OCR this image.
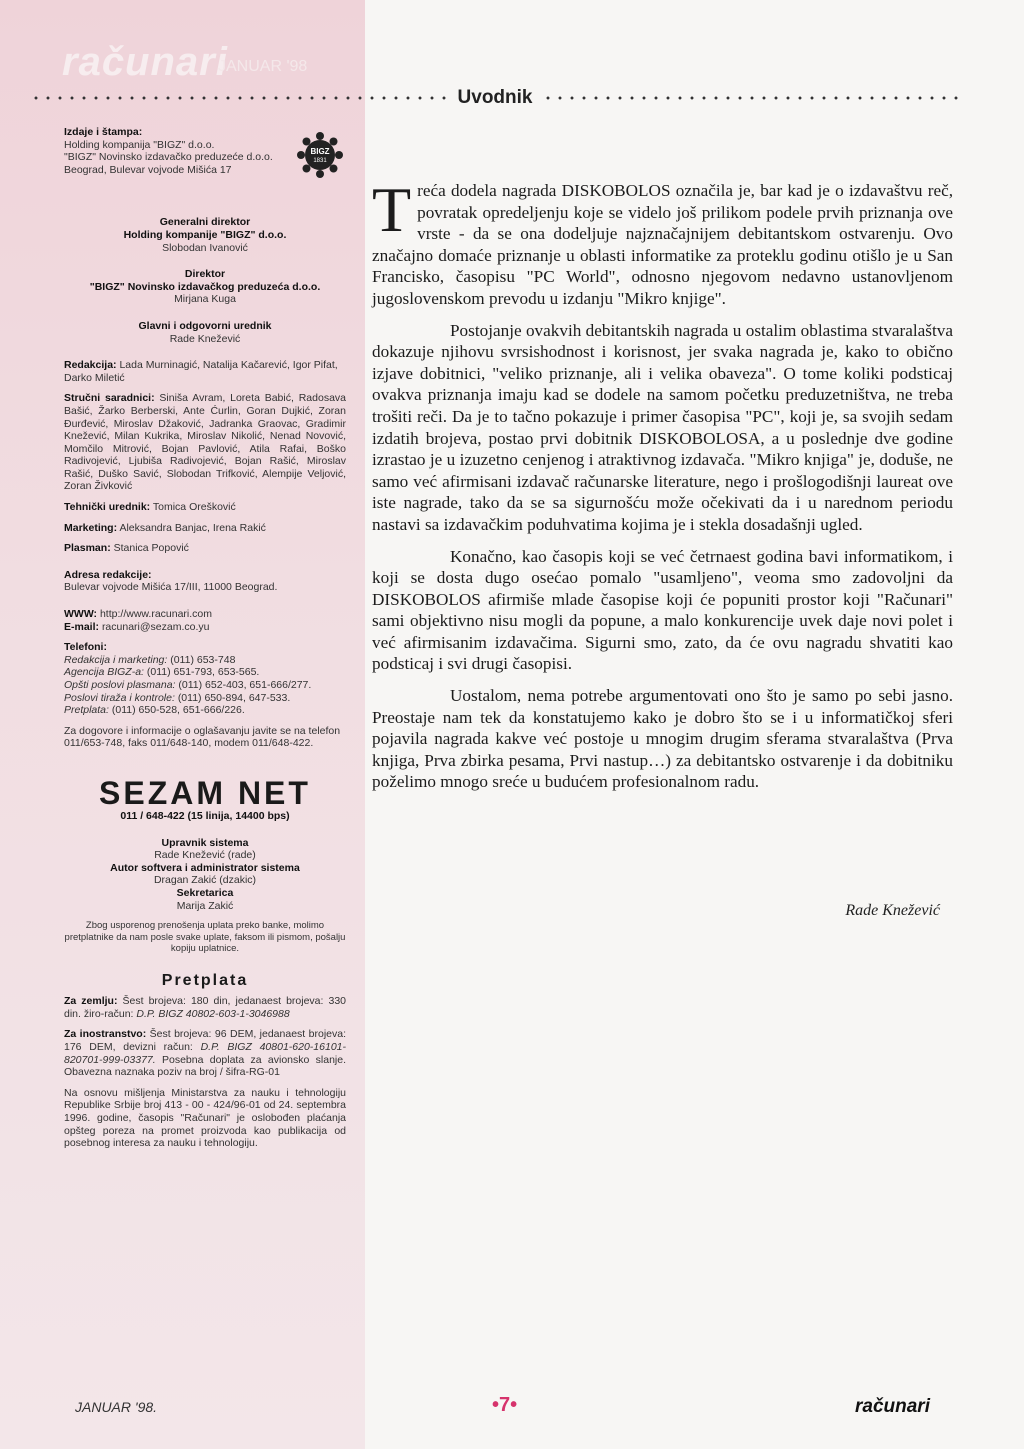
računari
JANUAR '98
Uvodnik
BIGZ
1831

Izdaje i štampa:

Holding kompanija "BIGZ" d.o.o.

"BIGZ" Novinsko izdavačko preduzeće d.o.o.

Beograd, Bulevar vojvode Mišića 17

Generalni direktor

Holding kompanije "BIGZ" d.o.o.

Slobodan Ivanović

Direktor

"BIGZ" Novinsko izdavačkog preduzeća d.o.o.

Mirjana Kuga

Glavni i odgovorni urednik

Rade Knežević

Redakcija: Lada Murninagić, Natalija Kačarević, Igor Pifat, Darko Miletić

Stručni saradnici: Siniša Avram, Loreta Babić, Radosava Bašić, Žarko Berberski, Ante Ćurlin, Goran Dujkić, Zoran Đurđević, Miroslav Džaković, Jadranka Graovac, Gradimir Knežević, Milan Kukrika, Miroslav Nikolić, Nenad Novović, Momčilo Mitrović, Bojan Pavlović, Atila Rafai, Boško Radivojević, Ljubiša Radivojević, Bojan Rašić, Miroslav Rašić, Duško Savić, Slobodan Trifković, Alempije Veljović, Zoran Živković

Tehnički urednik: Tomica Orešković

Marketing: Aleksandra Banjac, Irena Rakić

Plasman: Stanica Popović

Adresa redakcije:

Bulevar vojvode Mišića 17/III, 11000 Beograd.

WWW: http://www.racunari.com

E-mail: racunari@sezam.co.yu

Telefoni:

Redakcija i marketing: (011) 653-748

Agencija BIGZ-a: (011) 651-793, 653-565.

Opšti poslovi plasmana: (011) 652-403, 651-666/277.

Poslovi tiraža i kontrole: (011) 650-894, 647-533.

Pretplata: (011) 650-528, 651-666/226.

Za dogovore i informacije o oglašavanju javite se na telefon 011/653-748, faks 011/648-140, modem 011/648-422.

SEZAM NET

011 / 648-422 (15 linija, 14400 bps)

Upravnik sistema

Rade Knežević (rade)

Autor softvera i administrator sistema

Dragan Zakić (dzakic)

Sekretarica

Marija Zakić

Zbog usporenog prenošenja uplata preko banke, molimo pretplatnike da nam posle svake uplate, faksom ili pismom, pošalju kopiju uplatnice.

Pretplata

Za zemlju: Šest brojeva: 180 din, jedanaest brojeva: 330 din. žiro-račun: D.P. BIGZ 40802-603-1-3046988

Za inostranstvo: Šest brojeva: 96 DEM, jedanaest brojeva: 176 DEM, devizni račun: D.P. BIGZ 40801-620-16101-820701-999-03377. Posebna doplata za avionsko slanje. Obavezna naznaka poziv na broj / šifra-RG-01

Na osnovu mišljenja Ministarstva za nauku i tehnologiju Republike Srbije broj 413 - 00 - 424/96-01 od 24. septembra 1996. godine, časopis "Računari" je oslobođen plaćanja opšteg poreza na promet proizvoda kao publikacija od posebnog interesa za nauku i tehnologiju.

Treća dodela nagrada DISKOBOLOS označila je, bar kad je o izdavaštvu reč, povratak opredeljenju koje se videlo još prilikom podele prvih priznanja ove vrste - da se ona dodeljuje najznačajnijem debitantskom ostvarenju. Ovo značajno domaće priznanje u oblasti informatike za proteklu godinu otišlo je u San Francisko, časopisu "PC World", odnosno njegovom nedavno ustanovljenom jugoslovenskom prevodu u izdanju "Mikro knjige".

Postojanje ovakvih debitantskih nagrada u ostalim oblastima stvaralaštva dokazuje njihovu svrsishodnost i korisnost, jer svaka nagrada je, kako to obično izjave dobitnici, "veliko priznanje, ali i velika obaveza". O tome koliki podsticaj ovakva priznanja imaju kad se dodele na samom početku preduzetništva, ne treba trošiti reči. Da je to tačno pokazuje i primer časopisa "PC", koji je, sa svojih sedam izdatih brojeva, postao prvi dobitnik DISKOBOLOSA, a u poslednje dve godine izrastao je u izuzetno cenjenog i atraktivnog izdavača. "Mikro knjiga" je, doduše, ne samo već afirmisani izdavač računarske literature, nego i prošlogodišnji laureat ove iste nagrade, tako da se sa sigurnošću može očekivati da i u narednom periodu nastavi sa izdavačkim poduhvatima kojima je i stekla dosadašnji ugled.

Konačno, kao časopis koji se već četrnaest godina bavi informatikom, i koji se dosta dugo osećao pomalo "usamljeno", veoma smo zadovoljni da DISKOBOLOS afirmiše mlade časopise koji će popuniti prostor koji "Računari" sami objektivno nisu mogli da popune, a malo konkurencije uvek daje novi polet i već afirmisanim izdavačima. Sigurni smo, zato, da će ovu nagradu shvatiti kao podsticaj i svi drugi časopisi.

Uostalom, nema potrebe argumentovati ono što je samo po sebi jasno. Preostaje nam tek da konstatujemo kako je dobro što se i u informatičkoj sferi pojavila nagrada kakve već postoje u mnogim drugim sferama stvaralaštva (Prva knjiga, Prva zbirka pesama, Prvi nastup…) za debitantsko ostvarenje i da dobitniku poželimo mnogo sreće u budućem profesionalnom radu.

Rade Knežević
JANUAR '98.	•7•	računari
